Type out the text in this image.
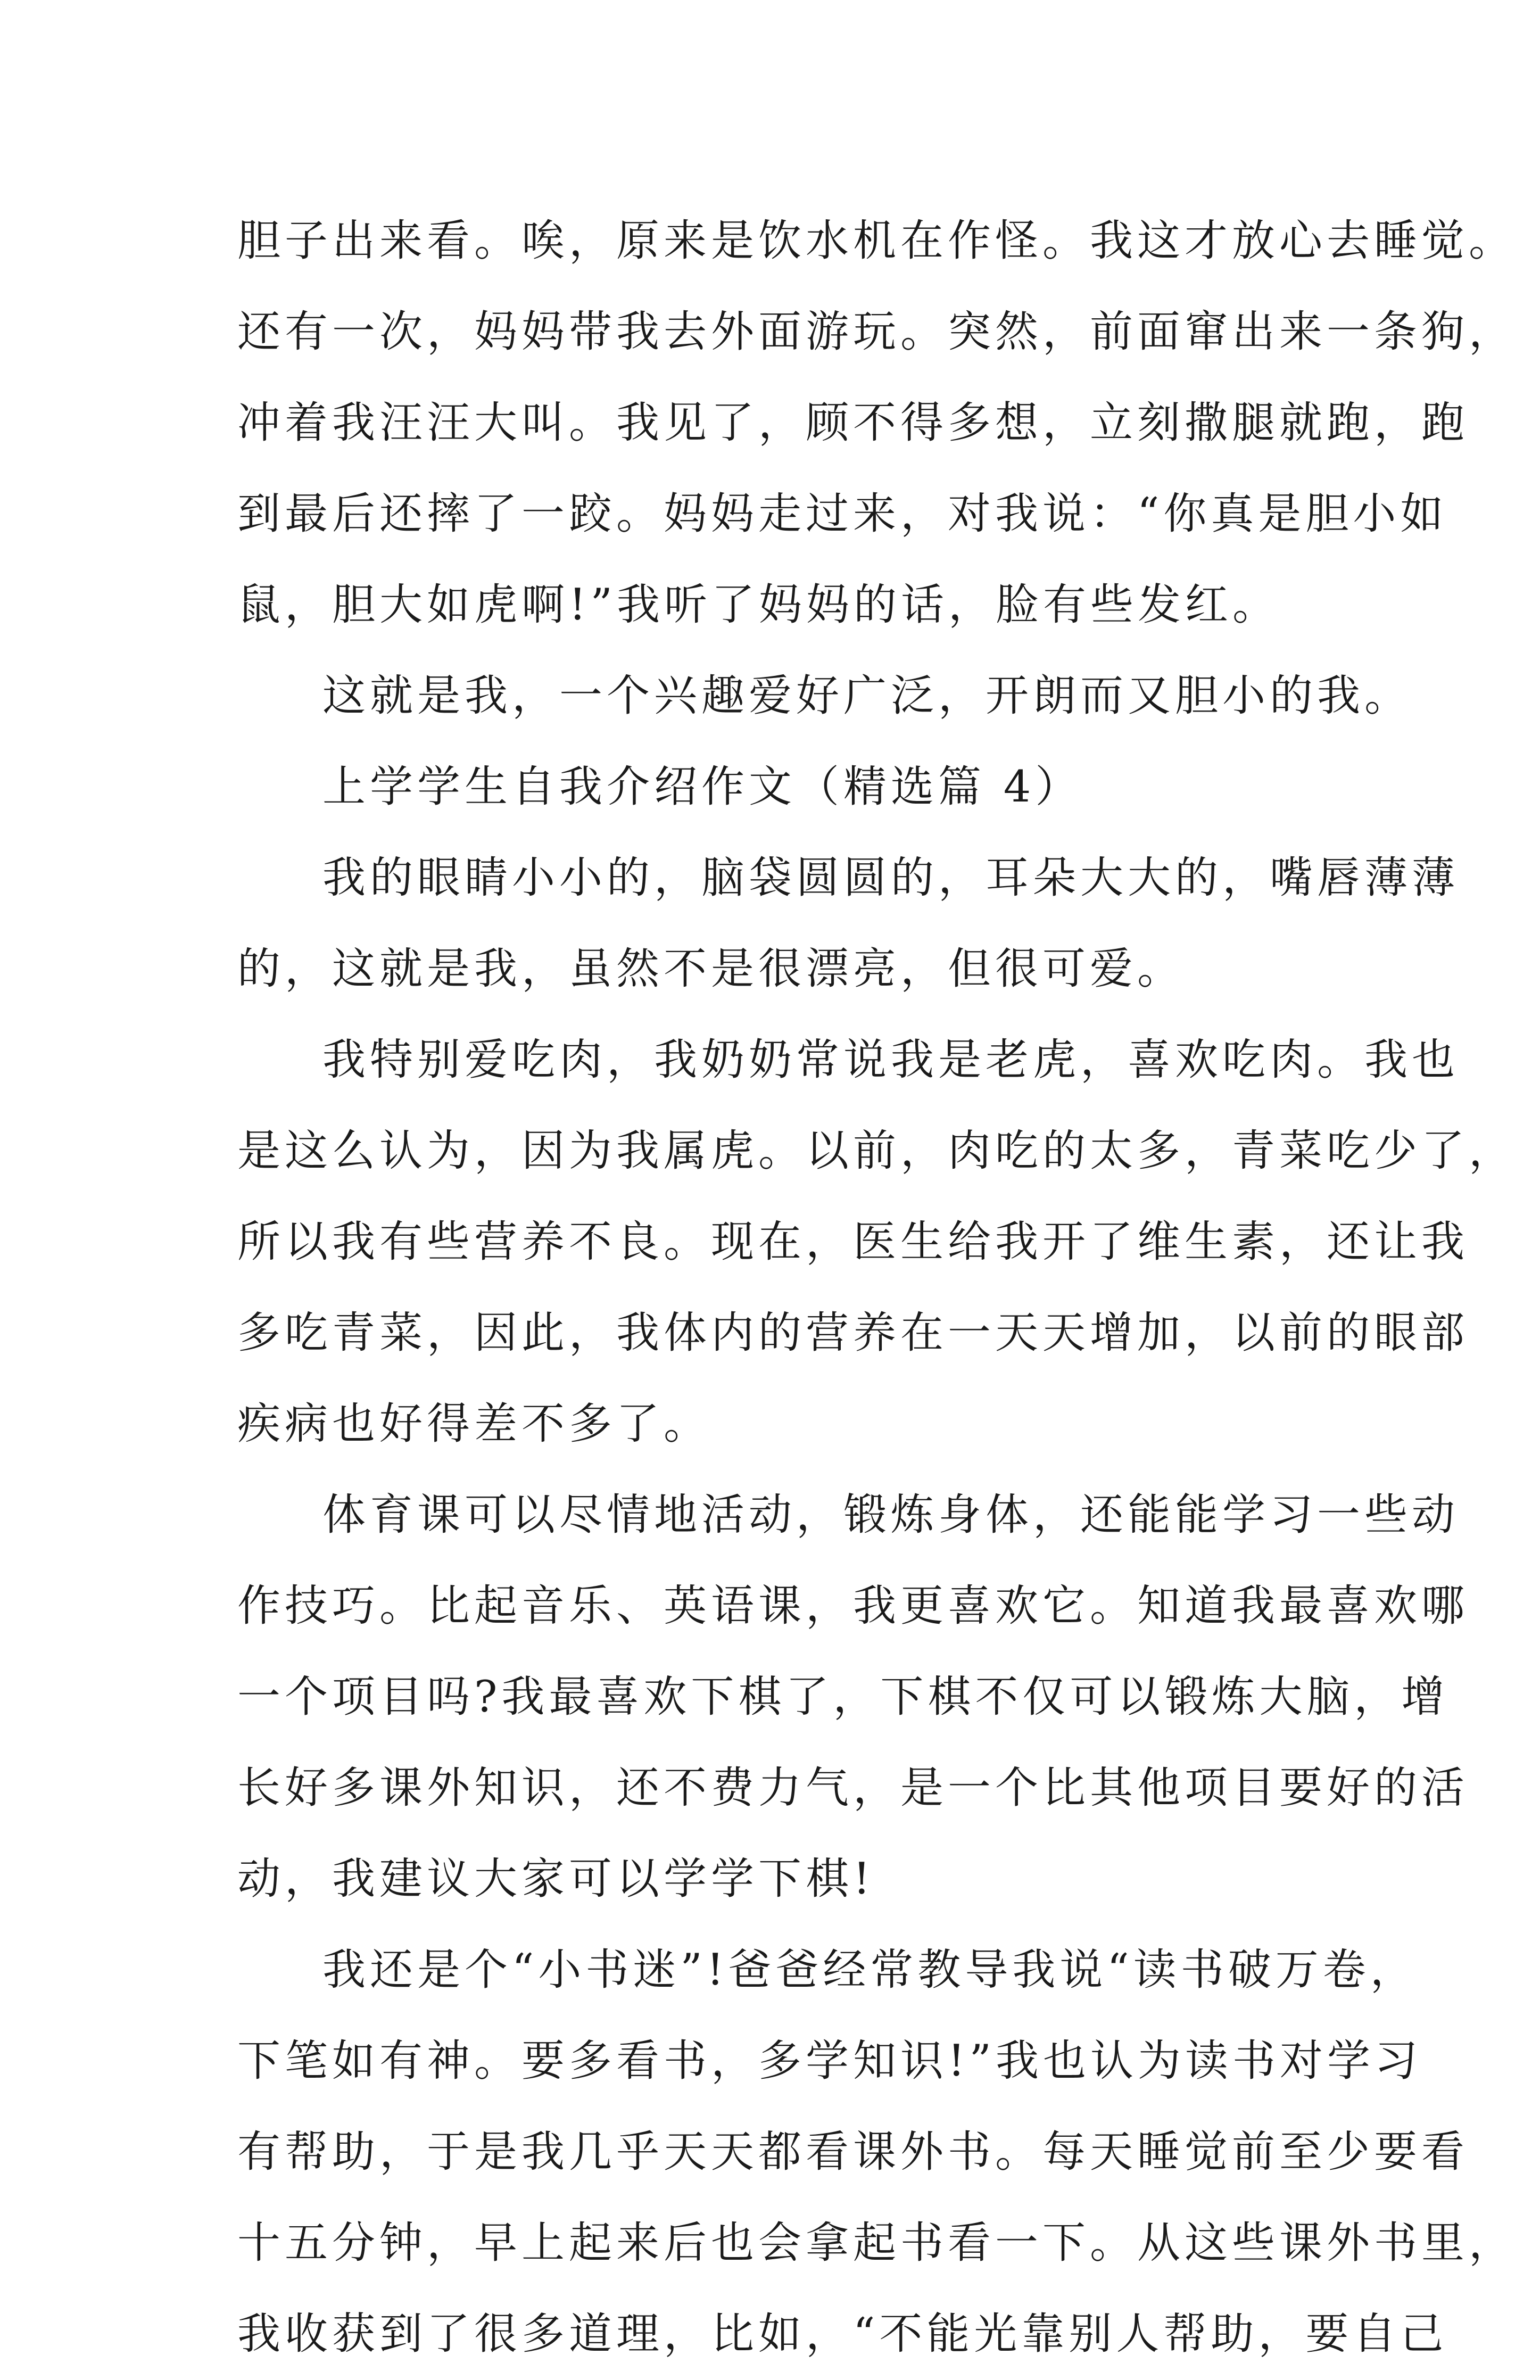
胆子出来看。唉，原来是饮水机在作怪。我这才放心去睡觉。
还有一次，妈妈带我去外面游玩。突然，前面窜出来一条狗，
冲着我汪汪大叫。我见了，顾不得多想，立刻撒腿就跑，跑
到最后还摔了一跤。妈妈走过来，对我说：“你真是胆小如
鼠，胆大如虎啊!”我听了妈妈的话，脸有些发红。
这就是我，一个兴趣爱好广泛，开朗而又胆小的我。
上学学生自我介绍作文（精选篇 4）
我的眼睛小小的，脑袋圆圆的，耳朵大大的，嘴唇薄薄
的，这就是我，虽然不是很漂亮，但很可爱。
我特别爱吃肉，我奶奶常说我是老虎，喜欢吃肉。我也
是这么认为，因为我属虎。以前，肉吃的太多，青菜吃少了，
所以我有些营养不良。现在，医生给我开了维生素，还让我
多吃青菜，因此，我体内的营养在一天天增加，以前的眼部
疾病也好得差不多了。
体育课可以尽情地活动，锻炼身体，还能能学习一些动
作技巧。比起音乐、英语课，我更喜欢它。知道我最喜欢哪
一个项目吗?我最喜欢下棋了，下棋不仅可以锻炼大脑，增
长好多课外知识，还不费力气，是一个比其他项目要好的活
动，我建议大家可以学学下棋!
我还是个“小书迷”!爸爸经常教导我说“读书破万卷，
下笔如有神。要多看书，多学知识!”我也认为读书对学习
有帮助，于是我几乎天天都看课外书。每天睡觉前至少要看
十五分钟，早上起来后也会拿起书看一下。从这些课外书里，
我收获到了很多道理，比如，“不能光靠别人帮助，要自己
